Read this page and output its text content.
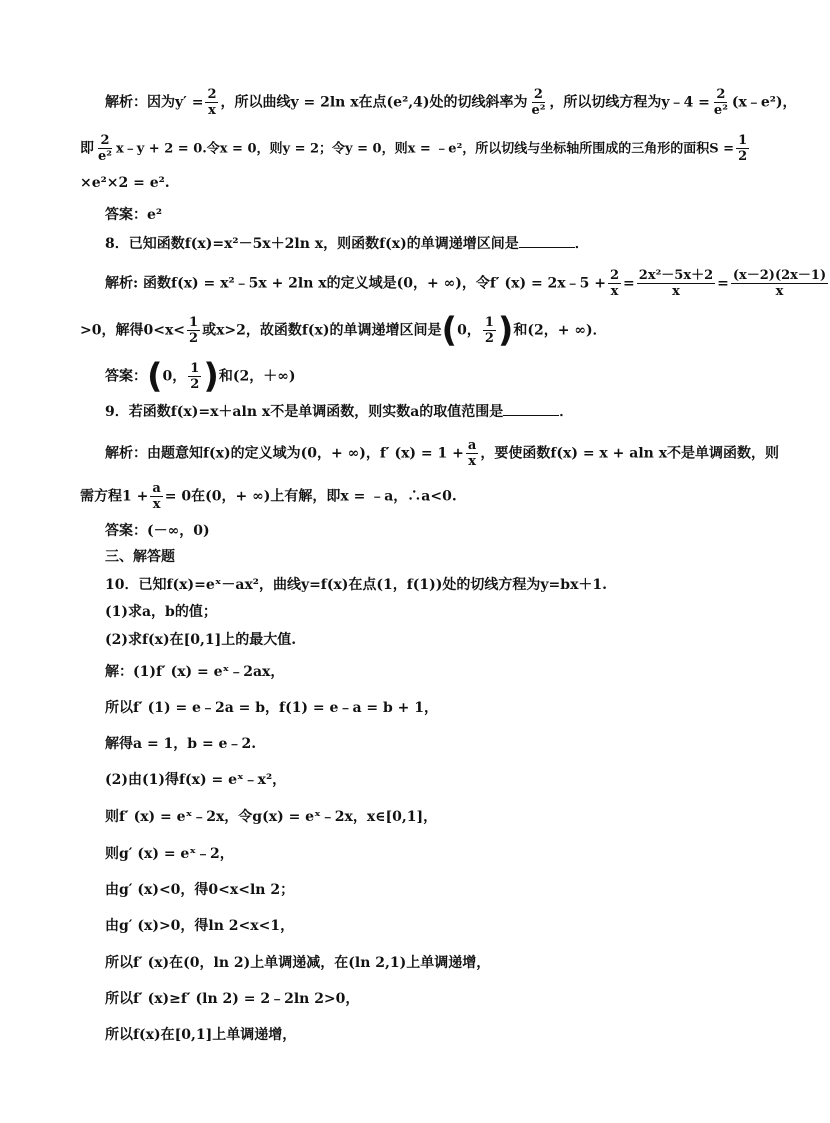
解析：因为$y' = \frac{2}{x}$ ，所以曲线y = 2ln x在点(e²,4)处的切线斜率为 $\frac{2}{\text{e²}}$ ，所以切线方程为y﹣4 = $\frac{2}{\text{e²}}$ (x﹣e²)，
即 $\frac{2}{\text{e²}}$ x﹣y + 2 = 0.令x = 0，则y = 2；令y = 0，则x = ﹣e²，所以切线与坐标轴所围成的三角形的面积$S = \frac{1}{2}$
×e²×2 = e².
答案：e²
8．已知函数f(x)=x²－5x＋2ln x，则函数f(x)的单调递增区间是	．
解析: 函数f(x) = x²﹣5x + 2ln x的定义域是(0，+ ∞)，令f′ (x) = 2x﹣5 + $\frac{2}{x} = \frac{\text{2x²－5x＋2}}{x} = \frac{(x-2)(2x-1)}{x}$
>0，解得$0<x< \frac{1}{2}$ 或x>2，故函数f(x)的单调递增区间是(0， $\frac{1}{2}$ )和(2，+ ∞)．
答案：(0， $\frac{1}{2}$ )和(2，＋∞)
9．若函数f(x)=x＋aln x不是单调函数，则实数a的取值范围是	．
解析：由题意知f(x)的定义域为(0，+ ∞)，f′ $(x) = 1 + \frac{a}{x}$ ，要使函数f(x) = x + aln x不是单调函数，则
需方程$1 + \frac{a}{x} = 0$在(0，+ ∞)上有解，即x = ﹣a，∴a<0.
答案：(－∞，0)
三、解答题
10．已知f(x)=eˣ－ax²，曲线y=f(x)在点(1，f(1))处的切线方程为y=bx＋1.
(1)求a，b的值；
(2)求f(x)在[0,1]上的最大值.
解：(1)f′ (x) = eˣ﹣2ax，
所以f′ (1) = e﹣2a = b，f(1) = e﹣a = b + 1，
解得a = 1，b = e﹣2.
(2)由(1)得f(x) = eˣ﹣x²，
则f′ (x) = eˣ﹣2x，令g(x) = eˣ﹣2x，x∈[0,1]，
则g′ (x) = eˣ﹣2，
由g′ (x)<0，得0<x<ln 2；
由g′ (x)>0，得ln 2<x<1，
所以f′ (x)在(0，ln 2)上单调递减，在(ln 2,1)上单调递增，
所以f′ (x)≥f′ (ln 2) = 2﹣2ln 2>0，
所以f(x)在[0,1]上单调递增，
